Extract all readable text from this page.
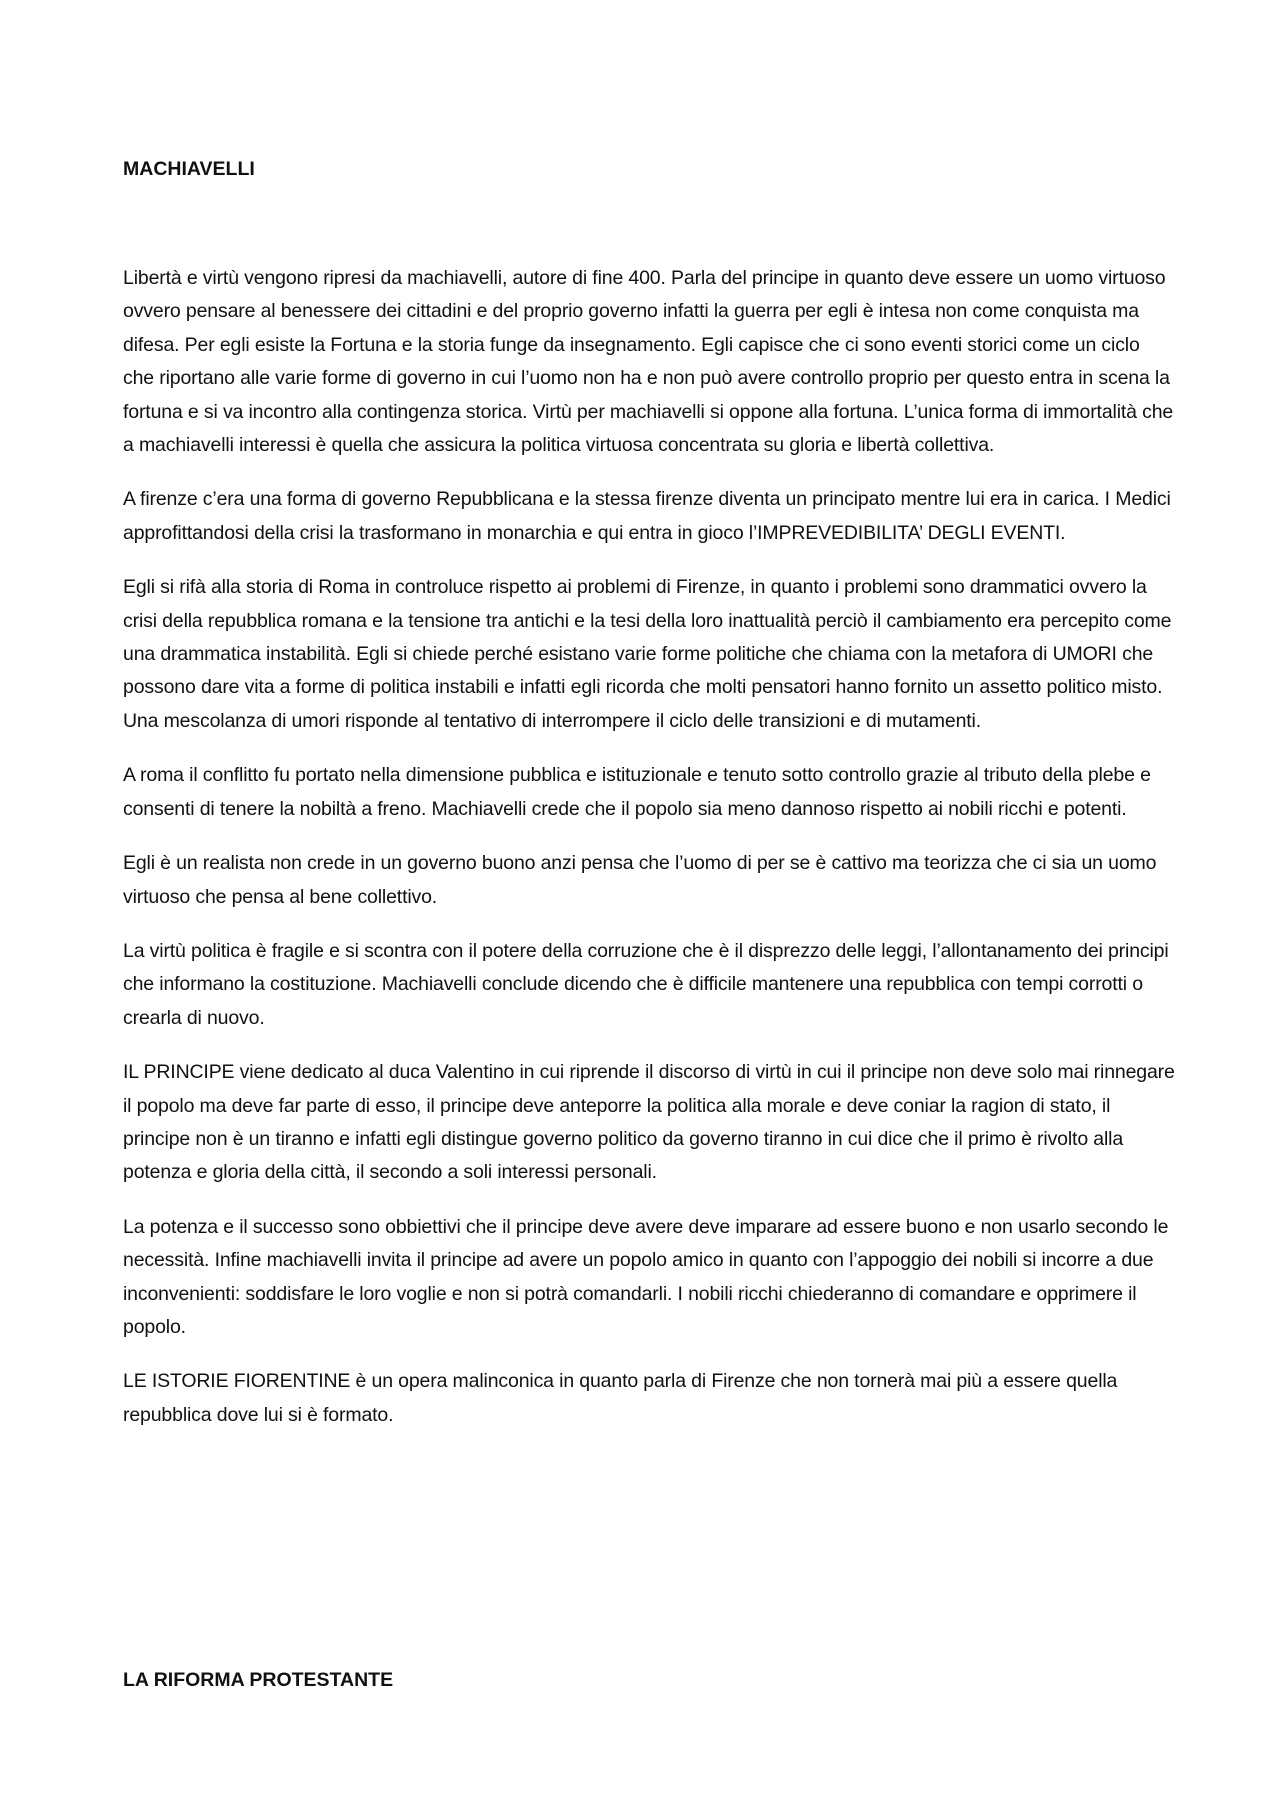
MACHIAVELLI

Libertà e virtù vengono ripresi da machiavelli, autore di fine 400. Parla del principe in quanto deve essere un uomo virtuoso ovvero pensare al benessere dei cittadini e del proprio governo infatti la guerra per egli è intesa non come conquista ma difesa. Per egli esiste la Fortuna e la storia funge da insegnamento. Egli capisce che ci sono eventi storici come un ciclo che riportano alle varie forme di governo in cui l’uomo non ha e non può avere controllo proprio per questo entra in scena la fortuna e si va incontro alla contingenza storica. Virtù per machiavelli si oppone alla fortuna. L’unica forma di immortalità che a machiavelli interessi è quella che assicura la politica virtuosa concentrata su gloria e libertà collettiva.

A firenze c’era una forma di governo Repubblicana e la stessa firenze diventa un principato mentre lui era in carica. I Medici approfittandosi della crisi la trasformano in monarchia e qui entra in gioco l’IMPREVEDIBILITA’ DEGLI EVENTI.

Egli si rifà alla storia di Roma in controluce rispetto ai problemi di Firenze, in quanto i problemi sono drammatici ovvero la crisi della repubblica romana e la tensione tra antichi e la tesi della loro inattualità perciò il cambiamento era percepito come una drammatica instabilità. Egli si chiede perché esistano varie forme politiche che chiama con la metafora di UMORI che possono dare vita a forme di politica instabili e infatti egli ricorda che molti pensatori hanno fornito un assetto politico misto. Una mescolanza di umori risponde al tentativo di interrompere il ciclo delle transizioni e di mutamenti.

A roma il conflitto fu portato nella dimensione pubblica e istituzionale e tenuto sotto controllo grazie al tributo della plebe e consenti di tenere la nobiltà a freno. Machiavelli crede che il popolo sia meno dannoso rispetto ai nobili ricchi e potenti.

Egli è un realista non crede in un governo buono anzi pensa che l’uomo di per se è cattivo ma teorizza che ci sia un uomo virtuoso che pensa al bene collettivo.

La virtù politica è fragile e si scontra con il potere della corruzione che è il disprezzo delle leggi, l’allontanamento dei principi che informano la costituzione. Machiavelli conclude dicendo che è difficile mantenere una repubblica con tempi corrotti o crearla di nuovo.

IL PRINCIPE viene dedicato al duca Valentino in cui riprende il discorso di virtù in cui il principe non deve solo mai rinnegare il popolo ma deve far parte di esso, il principe deve anteporre la politica alla morale e deve coniar la ragion di stato, il principe non è un tiranno e infatti egli distingue governo politico da governo tiranno in cui dice che il primo è rivolto alla potenza e gloria della città, il secondo a soli interessi personali.

La potenza e il successo sono obbiettivi che il principe deve avere deve imparare ad essere buono e non usarlo secondo le necessità. Infine machiavelli invita il principe ad avere un popolo amico in quanto con l’appoggio dei nobili si incorre a due inconvenienti: soddisfare le loro voglie e non si potrà comandarli. I nobili ricchi chiederanno di comandare e opprimere il popolo.

LE ISTORIE FIORENTINE è un opera malinconica in quanto parla di Firenze che non tornerà mai più a essere quella repubblica dove lui si è formato.

LA RIFORMA PROTESTANTE
